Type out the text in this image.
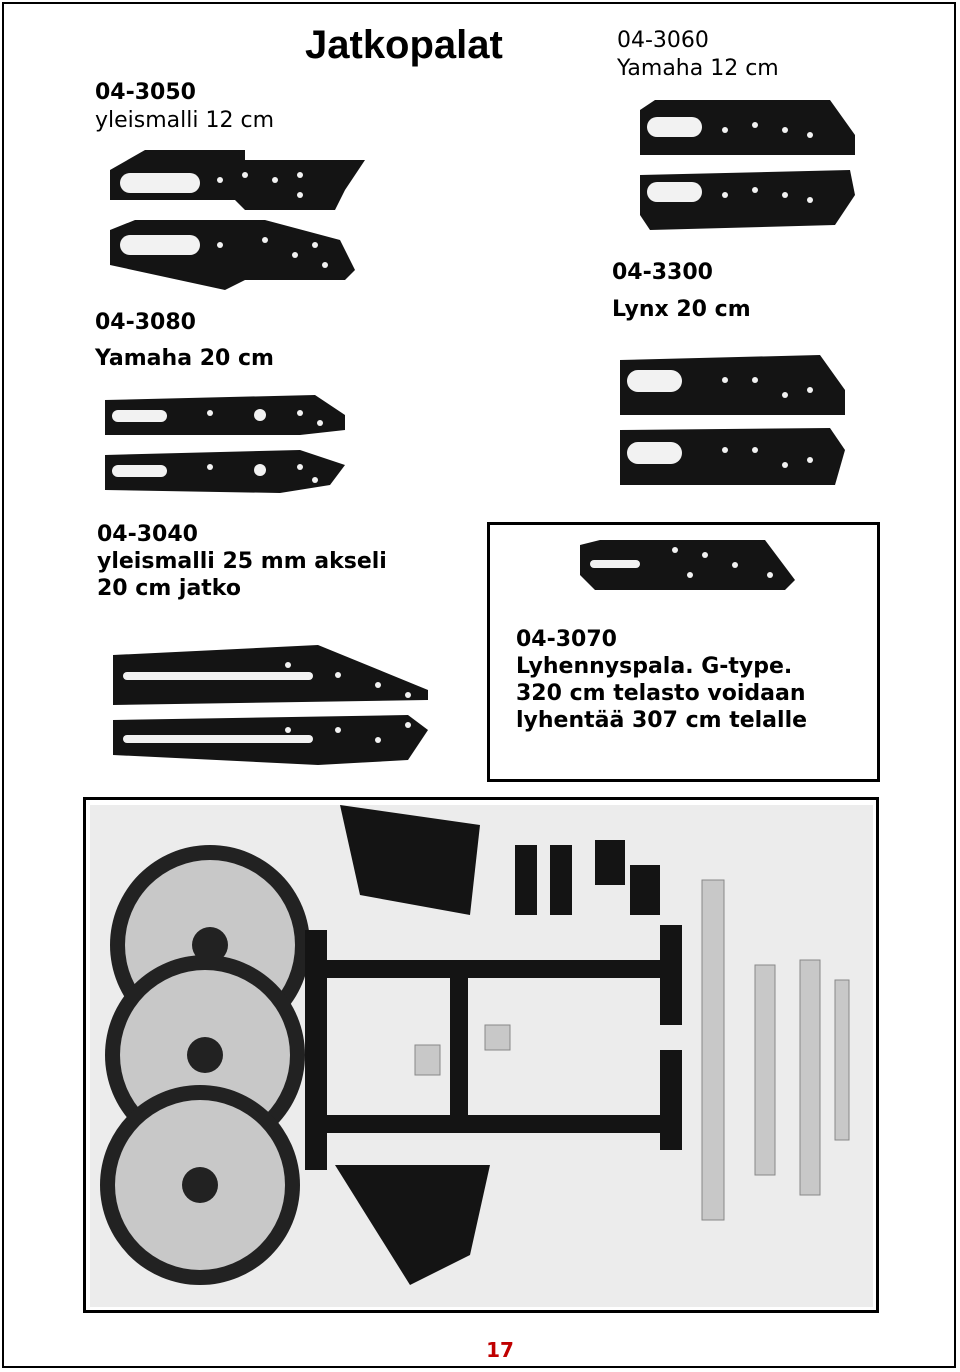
Jatkopalat
04-3050
yleismalli 12 cm
04-3060
Yamaha 12 cm
04-3080
Yamaha 20 cm
04-3300
Lynx 20 cm
04-3040
yleismalli 25 mm akseli
20 cm jatko
04-3070
Lyhennyspala. G-type.
320 cm telasto voidaan
lyhentää 307 cm telalle
17
